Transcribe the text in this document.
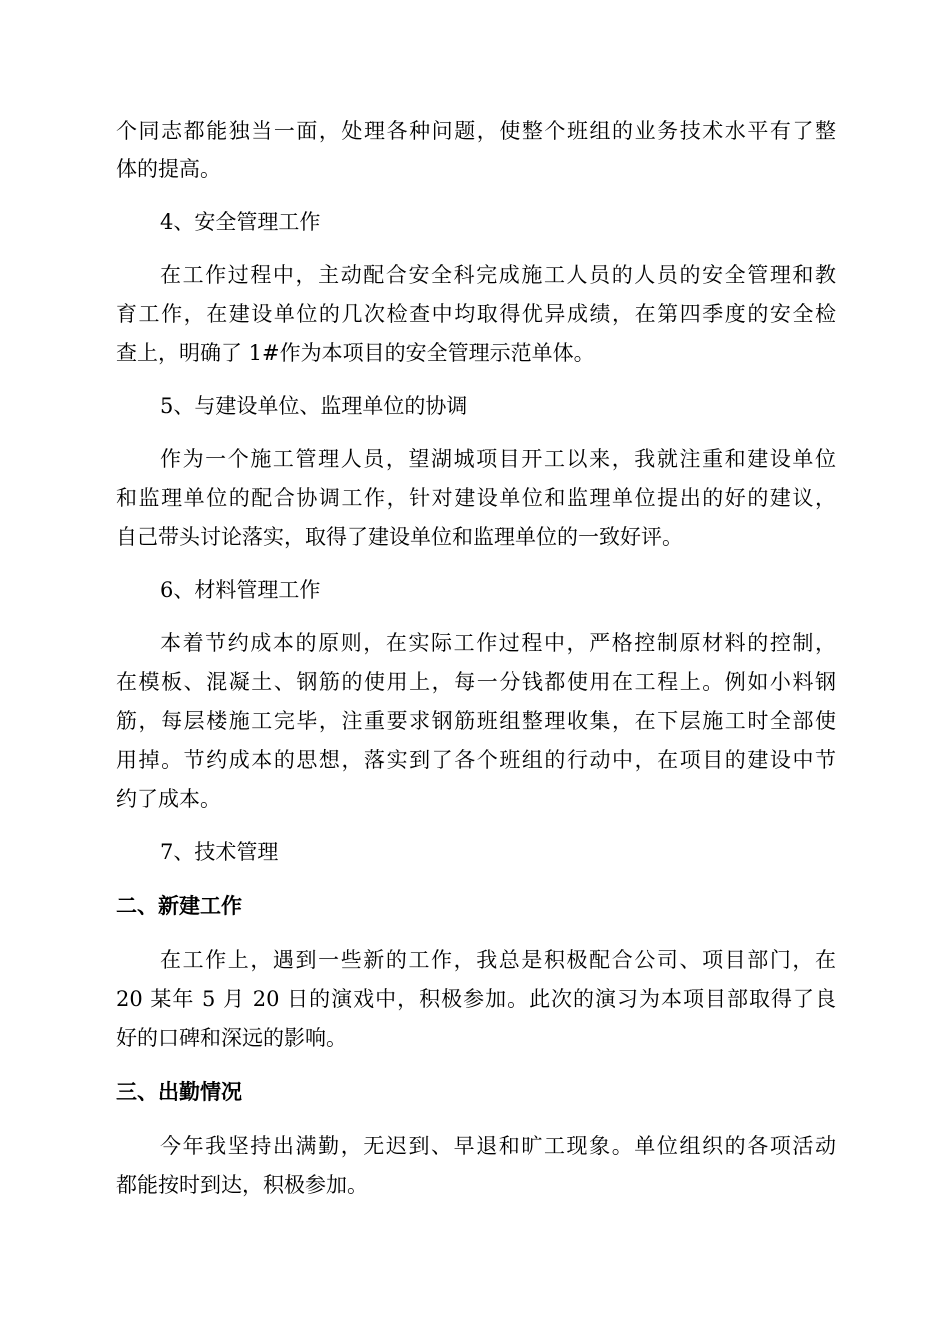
个同志都能独当一面，处理各种问题，使整个班组的业务技术水平有了整
体的提高。
4、安全管理工作
在工作过程中，主动配合安全科完成施工人员的人员的安全管理和教
育工作，在建设单位的几次检查中均取得优异成绩，在第四季度的安全检
查上，明确了 1#作为本项目的安全管理示范单体。
5、与建设单位、监理单位的协调
作为一个施工管理人员，望湖城项目开工以来，我就注重和建设单位
和监理单位的配合协调工作，针对建设单位和监理单位提出的好的建议，
自己带头讨论落实，取得了建设单位和监理单位的一致好评。
6、材料管理工作
本着节约成本的原则，在实际工作过程中，严格控制原材料的控制，
在模板、混凝土、钢筋的使用上，每一分钱都使用在工程上。例如小料钢
筋，每层楼施工完毕，注重要求钢筋班组整理收集，在下层施工时全部使
用掉。节约成本的思想，落实到了各个班组的行动中，在项目的建设中节
约了成本。
7、技术管理
二、新建工作
在工作上，遇到一些新的工作，我总是积极配合公司、项目部门，在
20 某年 5 月 20 日的演戏中，积极参加。此次的演习为本项目部取得了良
好的口碑和深远的影响。
三、出勤情况
今年我坚持出满勤，无迟到、早退和旷工现象。单位组织的各项活动
都能按时到达，积极参加。
